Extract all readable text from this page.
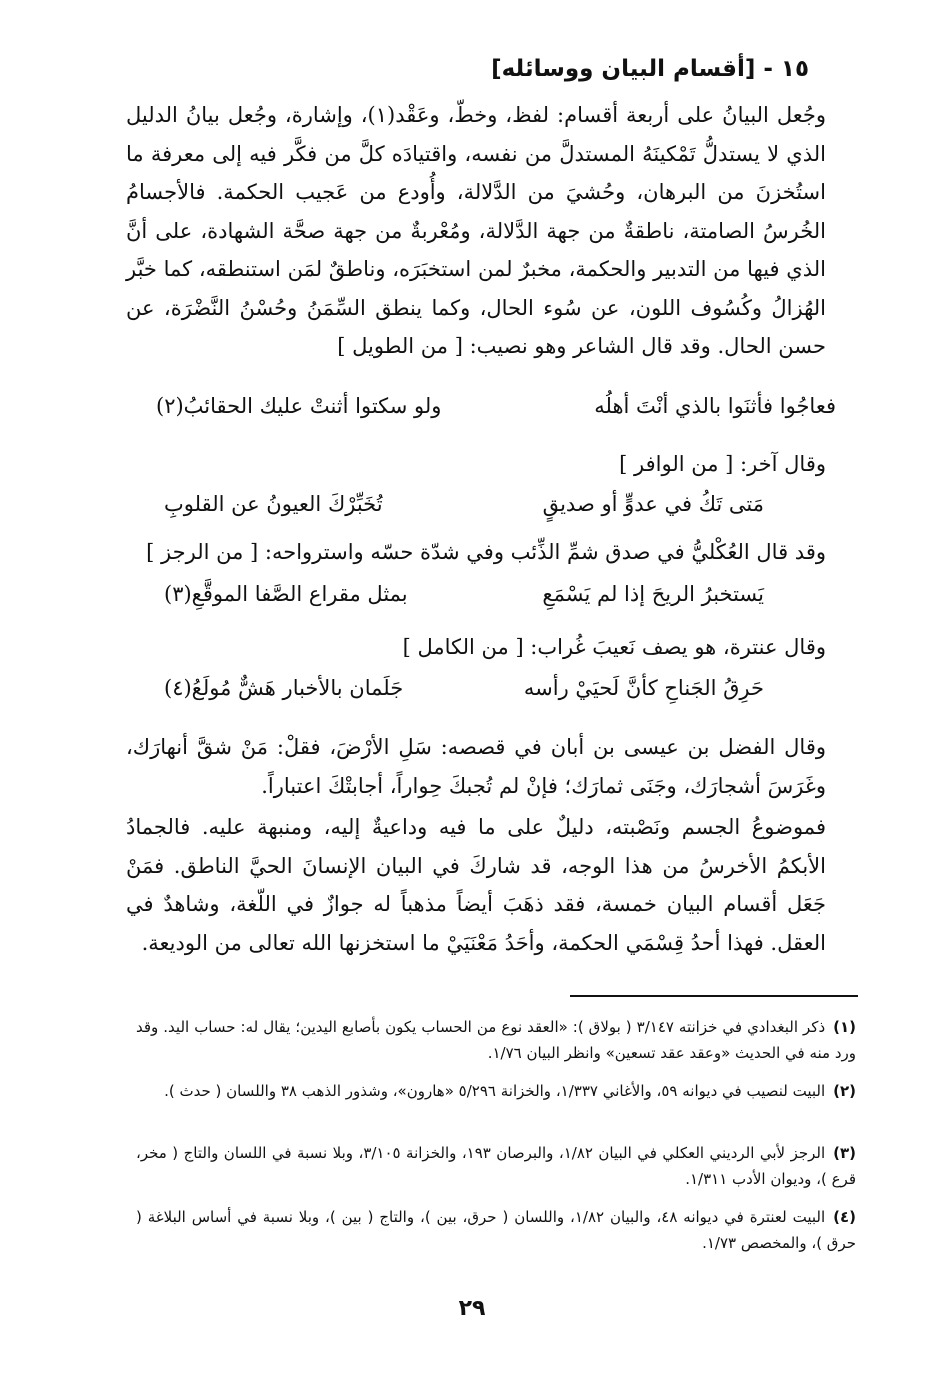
١٥ - [أقسام البيان ووسائله]

وجُعل البيانُ على أربعة أقسام: لفظ، وخطّ، وعَقْد(١)، وإشارة، وجُعل بيانُ الدليل الذي لا يستدلُّ تَمْكينَهُ المستدلَّ من نفسه، واقتيادَه كلَّ من فكَّر فيه إلى معرفة ما استُخزنَ من البرهان، وحُشيَ من الدَّلالة، وأُودع من عَجيب الحكمة. فالأجسامُ الخُرسُ الصامتة، ناطقةٌ من جهة الدَّلالة، ومُعْربةٌ من جهة صحَّة الشهادة، على أنَّ الذي فيها من التدبير والحكمة، مخبرٌ لمن استخبَرَه، وناطقٌ لمَن استنطقه، كما خبَّر الهُزالُ وكُسُوف اللون، عن سُوء الحال، وكما ينطق السِّمَنُ وحُسْنُ النَّضْرَة، عن حسن الحال. وقد قال الشاعر وهو نصيب: [ من الطويل ]

فعاجُوا فأثنَوا بالذي أنْتَ أهلُه
ولو سكتوا أثنتْ عليك الحقائبُ(٢)

وقال آخر: [ من الوافر ]

مَتى تَكُ في عدوٍّ أو صديقٍ
تُخَبِّرْكَ العيونُ عن القلوبِ

وقد قال العُكْليُّ في صدق شمِّ الذِّئب وفي شدّة حسّه واسترواحه: [ من الرجز ]

يَستخبرُ الريحَ إذا لم يَسْمَعِ
بمثل مقراع الصَّفا الموقَّعِ(٣)

وقال عنترة، هو يصف نَعيبَ غُراب: [ من الكامل ]

حَرِقُ الجَناحِ كأنَّ لَحيَيْ رأسه
جَلَمان بالأخبار هَشٌّ مُولَعُ(٤)

وقال الفضل بن عيسى بن أبان في قصصه: سَلِ الأرْضَ، فقلْ: مَنْ شقَّ أنهارَك، وغَرَسَ أشجارَك، وجَنَى ثمارَك؛ فإنْ لم تُجبكَ حِواراً، أجابتْكَ اعتباراً.

فموضوعُ الجسم ونَصْبته، دليلٌ على ما فيه وداعيةٌ إليه، ومنبهة عليه. فالجمادُ الأبكمُ الأخرسُ من هذا الوجه، قد شاركَ في البيان الإنسانَ الحيَّ الناطق. فمَنْ جَعَل أقسام البيان خمسة، فقد ذهَبَ أيضاً مذهباً له جوازٌ في اللّغة، وشاهدٌ في العقل. فهذا أحدُ قِسْمَي الحكمة، وأحَدُ مَعْنَيَيْ ما استخزنها الله تعالى من الوديعة.

(١)ذكر البغدادي في خزانته ٣/١٤٧ ( بولاق ): «العقد نوع من الحساب يكون بأصابع اليدين؛ يقال له: حساب اليد. وقد ورد منه في الحديث «وعقد عقد تسعين» وانظر البيان ١/٧٦.

(٢)البيت لنصيب في ديوانه ٥٩، والأغاني ١/٣٣٧، والخزانة ٥/٢٩٦ «هارون»، وشذور الذهب ٣٨ واللسان ( حدث ).

(٣)الرجز لأبي الرديني العكلي في البيان ١/٨٢، والبرصان ١٩٣، والخزانة ٣/١٠٥، وبلا نسبة في اللسان والتاج ( مخر، قرع )، وديوان الأدب ١/٣١١.

(٤)البيت لعنترة في ديوانه ٤٨، والبيان ١/٨٢، واللسان ( حرق، بين )، والتاج ( بين )، وبلا نسبة في أساس البلاغة ( حرق )، والمخصص ١/٧٣.

٢٩
